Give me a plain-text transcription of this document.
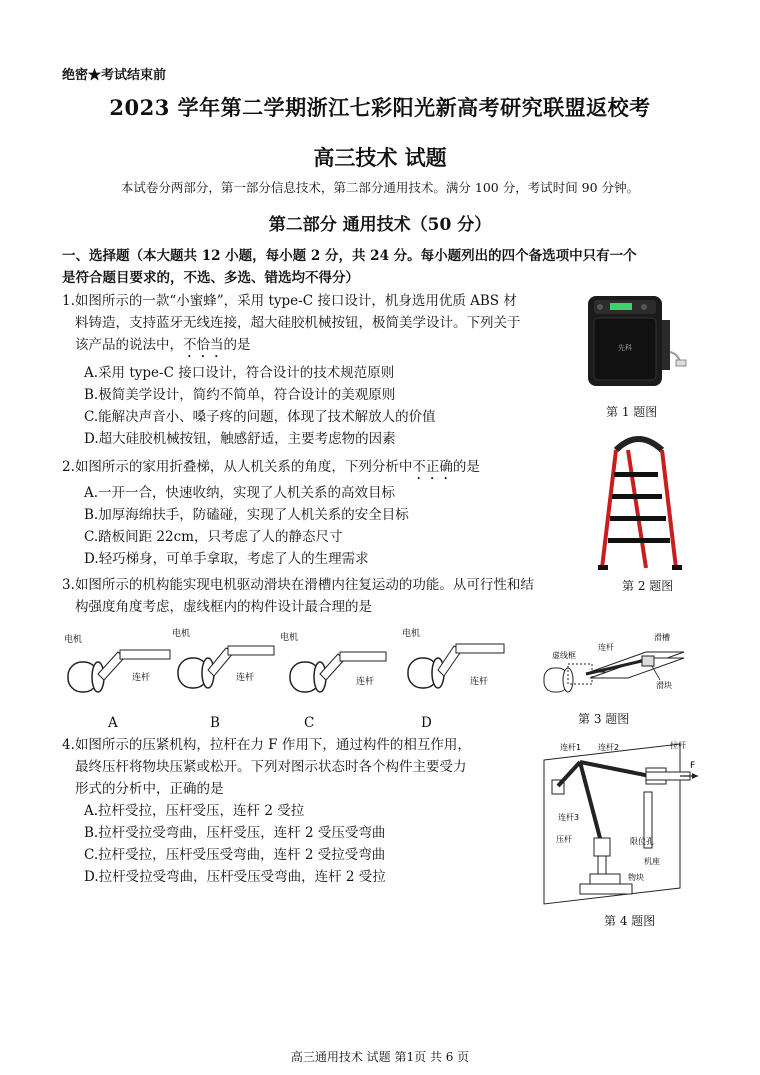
绝密★考试结束前
2023 学年第二学期浙江七彩阳光新高考研究联盟返校考
高三技术 试题
本试卷分两部分，第一部分信息技术，第二部分通用技术。满分 100 分，考试时间 90 分钟。
第二部分 通用技术（50 分）
一、选择题（本大题共 12 小题，每小题 2 分，共 24 分。每小题列出的四个备选项中只有一个
是符合题目要求的，不选、多选、错选均不得分）
1.如图所示的一款“小蜜蜂”，采用 type-C 接口设计，机身选用优质 ABS 材
料铸造，支持蓝牙无线连接，超大硅胶机械按钮，极简美学设计。下列关于
该产品的说法中，不恰当的是
A.采用 type-C 接口设计，符合设计的技术规范原则
B.极简美学设计，简约不简单，符合设计的美观原则
C.能解决声音小、嗓子疼的问题，体现了技术解放人的价值
D.超大硅胶机械按钮，触感舒适，主要考虑物的因素
先科
第 1 题图
2.如图所示的家用折叠梯，从人机关系的角度，下列分析中不正确的是
A.一开一合，快速收纳，实现了人机关系的高效目标
B.加厚海绵扶手，防磕碰，实现了人机关系的安全目标
C.踏板间距 22cm，只考虑了人的静态尺寸
D.轻巧梯身，可单手拿取，考虑了人的生理需求
第 2 题图
3.如图所示的机构能实现电机驱动滑块在滑槽内往复运动的功能。从可行性和结
构强度角度考虑，虚线框内的构件设计最合理的是
电机
连杆
电机
连杆
电机
连杆
电机
连杆
A	B	C	D
虚线框
连杆
滑槽
滑块
第 3 题图
4.如图所示的压紧机构，拉杆在力 F 作用下，通过构件的相互作用，
最终压杆将物块压紧或松开。下列对图示状态时各个构件主要受力
形式的分析中，正确的是
A.拉杆受拉，压杆受压，连杆 2 受拉
B.拉杆受拉受弯曲，压杆受压，连杆 2 受压受弯曲
C.拉杆受拉，压杆受压受弯曲，连杆 2 受拉受弯曲
D.拉杆受拉受弯曲，压杆受压受弯曲，连杆 2 受拉
连杆1 连杆2	拉杆
F
连杆3
压杆	限位孔
机座
物块
第 4 题图
高三通用技术 试题 第1页 共 6 页
